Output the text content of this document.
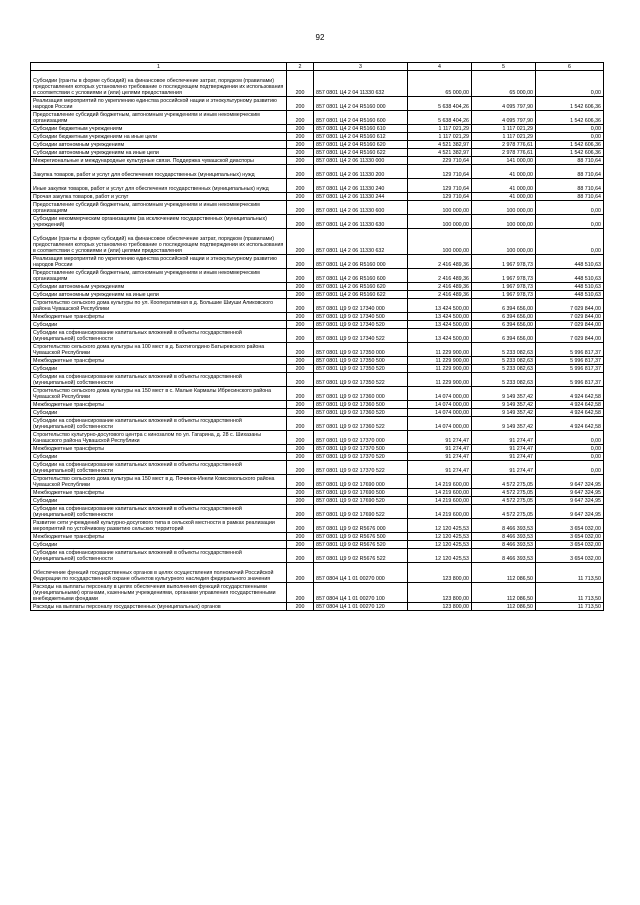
92
1	2	3	4	5	6
Субсидии (гранты в форме субсидий) на финансовое обеспечение затрат, порядком (правилами) предоставления которых установлено требование о последующем подтверждении их использования в соответствии с условиями и (или) целями предоставления	200	857 0801 Ц4 2 04 11330 632	65 000,00	65 000,00	0,00
Реализация мероприятий по укреплению единства российской нации и этнокультурному развитию народов России	200	857 0801 Ц4 2 04 R5160 000	5 638 404,26	4 095 797,90	1 542 606,36
Предоставление субсидий бюджетным, автономным учреждениям и иным некоммерческим организациям	200	857 0801 Ц4 2 04 R5160 600	5 638 404,26	4 095 797,90	1 542 606,36
Субсидии бюджетным учреждениям	200	857 0801 Ц4 2 04 R5160 610	1 117 021,29	1 117 021,29	0,00
Субсидии бюджетным учреждениям на иные цели	200	857 0801 Ц4 2 04 R5160 612	1 117 021,29	1 117 021,29	0,00
Субсидии автономным учреждениям	200	857 0801 Ц4 2 04 R5160 620	4 521 382,97	2 978 776,61	1 542 606,36
Субсидии автономным учреждениям на иные цели	200	857 0801 Ц4 2 04 R5160 622	4 521 382,97	2 978 776,61	1 542 606,36
Межрегиональные и международные культурные связи. Поддержка чувашской диаспоры	200	857 0801 Ц4 2 06 11330 000	229 710,64	141 000,00	88 710,64
Закупка товаров, работ и услуг для обеспечения государственных (муниципальных) нужд	200	857 0801 Ц4 2 06 11330 200	129 710,64	41 000,00	88 710,64
Иные закупки товаров, работ и услуг для обеспечения государственных (муниципальных) нужд	200	857 0801 Ц4 2 06 11330 240	129 710,64	41 000,00	88 710,64
Прочая закупка товаров, работ и услуг	200	857 0801 Ц4 2 06 11330 244	129 710,64	41 000,00	88 710,64
Предоставление субсидий бюджетным, автономным учреждениям и иным некоммерческим организациям	200	857 0801 Ц4 2 06 11330 600	100 000,00	100 000,00	0,00
Субсидии некоммерческим организациям (за исключением государственных (муниципальных) учреждений)	200	857 0801 Ц4 2 06 11330 630	100 000,00	100 000,00	0,00
Субсидии (гранты в форме субсидий) на финансовое обеспечение затрат, порядком (правилами) предоставления которых установлено требование о последующем подтверждении их использования в соответствии с условиями и (или) целями предоставления	200	857 0801 Ц4 2 06 11330 632	100 000,00	100 000,00	0,00
Реализация мероприятий по укреплению единства российской нации и этнокультурному развитию народов России	200	857 0801 Ц4 2 06 R5160 000	2 416 489,36	1 967 978,73	448 510,63
Предоставление субсидий бюджетным, автономным учреждениям и иным некоммерческим организациям	200	857 0801 Ц4 2 06 R5160 600	2 416 489,36	1 967 978,73	448 510,63
Субсидии автономным учреждениям	200	857 0801 Ц4 2 06 R5160 620	2 416 489,36	1 967 978,73	448 510,63
Субсидии автономным учреждениям на иные цели	200	857 0801 Ц4 2 06 R5160 622	2 416 489,36	1 967 978,73	448 510,63
Строительство сельского дома культуры по ул. Кооперативная в д. Большие Шиуши Аликовского района Чувашской Республики	200	857 0801 Ц9 9 02 17340 000	13 424 500,00	6 394 656,00	7 029 844,00
Межбюджетные трансферты	200	857 0801 Ц9 9 02 17340 500	13 424 500,00	6 394 656,00	7 029 844,00
Субсидии	200	857 0801 Ц9 9 02 17340 520	13 424 500,00	6 394 656,00	7 029 844,00
Субсидии на софинансирование капитальных вложений в объекты государственной (муниципальной) собственности	200	857 0801 Ц9 9 02 17340 522	13 424 500,00	6 394 656,00	7 029 844,00
Строительство сельского дома культуры на 100 мест в д. Бахтиголдино Батыревского района Чувашской Республики	200	857 0801 Ц9 9 02 17350 000	11 229 900,00	5 233 082,63	5 996 817,37
Межбюджетные трансферты	200	857 0801 Ц9 9 02 17350 500	11 229 900,00	5 233 082,63	5 996 817,37
Субсидии	200	857 0801 Ц9 9 02 17350 520	11 229 900,00	5 233 082,63	5 996 817,37
Субсидии на софинансирование капитальных вложений в объекты государственной (муниципальной) собственности	200	857 0801 Ц9 9 02 17350 522	11 229 900,00	5 233 082,63	5 996 817,37
Строительство сельского дома культуры на 150 мест в с. Малые Кармалы Ибресинского района Чувашской Республики	200	857 0801 Ц9 9 02 17360 000	14 074 000,00	9 149 357,42	4 924 642,58
Межбюджетные трансферты	200	857 0801 Ц9 9 02 17360 500	14 074 000,00	9 149 357,42	4 924 642,58
Субсидии	200	857 0801 Ц9 9 02 17360 520	14 074 000,00	9 149 357,42	4 924 642,58
Субсидии на софинансирование капитальных вложений в объекты государственной (муниципальной) собственности	200	857 0801 Ц9 9 02 17360 522	14 074 000,00	9 149 357,42	4 924 642,58
Строительство культурно-досугового центра с кинозалом по ул. Гагарина, д. 28 с. Шихазаны Канашского района Чувашской Республики	200	857 0801 Ц9 9 02 17370 000	91 274,47	91 274,47	0,00
Межбюджетные трансферты	200	857 0801 Ц9 9 02 17370 500	91 274,47	91 274,47	0,00
Субсидии	200	857 0801 Ц9 9 02 17370 520	91 274,47	91 274,47	0,00
Субсидии на софинансирование капитальных вложений в объекты государственной (муниципальной) собственности	200	857 0801 Ц9 9 02 17370 522	91 274,47	91 274,47	0,00
Строительство сельского дома культуры на 150 мест в д. Починок-Инели Комсомольского района Чувашской Республики	200	857 0801 Ц9 9 02 17690 000	14 219 600,00	4 572 275,05	9 647 324,95
Межбюджетные трансферты	200	857 0801 Ц9 9 02 17690 500	14 219 600,00	4 572 275,05	9 647 324,95
Субсидии	200	857 0801 Ц9 9 02 17690 520	14 219 600,00	4 572 275,05	9 647 324,95
Субсидии на софинансирование капитальных вложений в объекты государственной (муниципальной) собственности	200	857 0801 Ц9 9 02 17690 522	14 219 600,00	4 572 275,05	9 647 324,95
Развитие сети учреждений культурно-досугового типа в сельской местности в рамках реализации мероприятий по устойчивому развитию сельских территорий	200	857 0801 Ц9 9 02 R5676 000	12 120 425,53	8 466 393,53	3 654 032,00
Межбюджетные трансферты	200	857 0801 Ц9 9 02 R5676 500	12 120 425,53	8 466 393,53	3 654 032,00
Субсидии	200	857 0801 Ц9 9 02 R5676 520	12 120 425,53	8 466 393,53	3 654 032,00
Субсидии на софинансирование капитальных вложений в объекты государственной (муниципальной) собственности	200	857 0801 Ц9 9 02 R5676 522	12 120 425,53	8 466 393,53	3 654 032,00
Обеспечение функций государственных органов в целях осуществления полномочий Российской Федерации по государственной охране объектов культурного наследия федерального значения	200	857 0804 Ц4 1 01 00270 000	123 800,00	112 086,50	11 713,50
Расходы на выплаты персоналу в целях обеспечения выполнения функций государственными (муниципальными) органами, казенными учреждениями, органами управления государственными внебюджетными фондами	200	857 0804 Ц4 1 01 00270 100	123 800,00	112 086,50	11 713,50
Расходы на выплаты персоналу государственных (муниципальных) органов	200	857 0804 Ц4 1 01 00270 120	123 800,00	112 086,50	11 713,50
